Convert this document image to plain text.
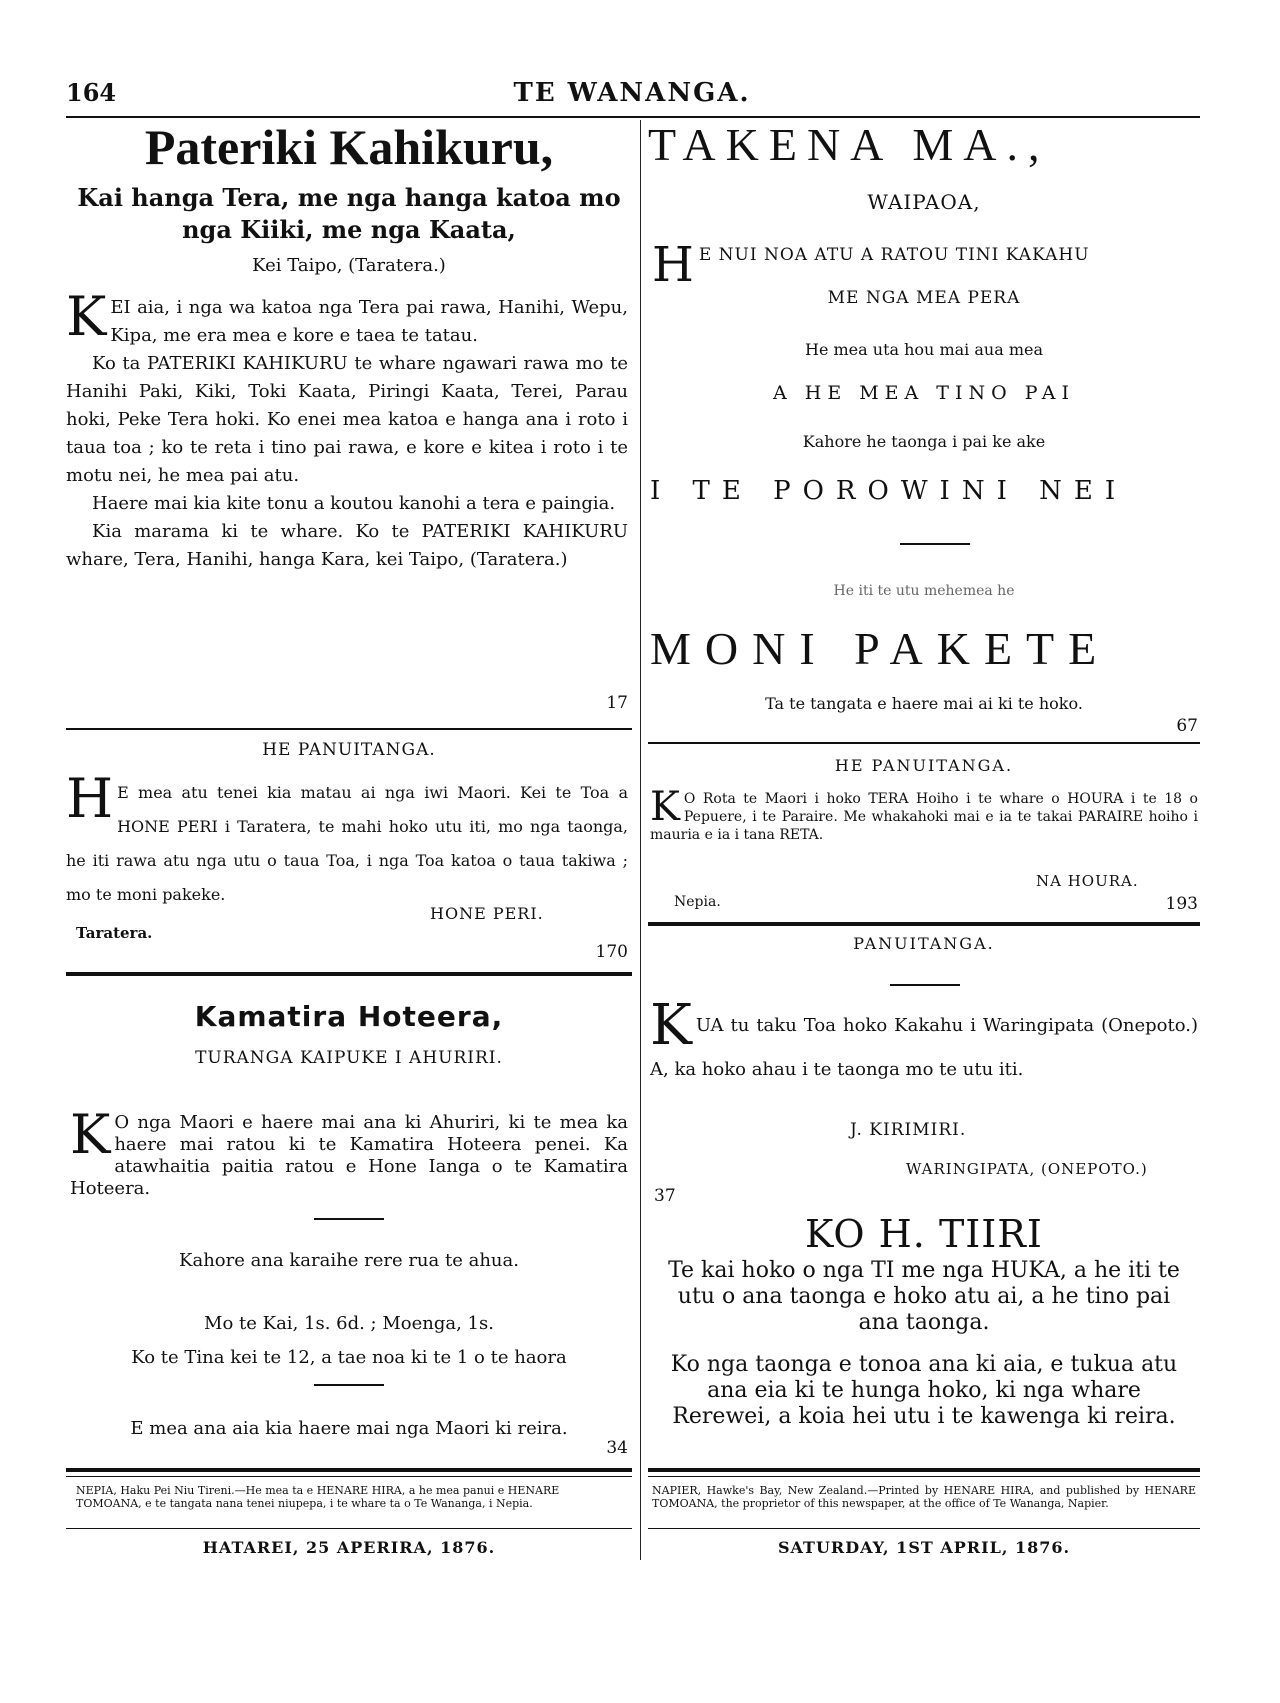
164	TE WANANGA.
Pateriki Kahikuru,
Kai hanga Tera, me nga hanga katoa mo
nga Kiiki, me nga Kaata,
Kei Taipo, (Taratera.)

KEI aia, i nga wa katoa nga Tera pai rawa, Hanihi, Wepu, Kipa, me era mea e kore e taea te tatau.

Ko ta PATERIKI KAHIKURU te whare ngawari rawa mo te Hanihi Paki, Kiki, Toki Kaata, Piringi Kaata, Terei, Parau hoki, Peke Tera hoki. Ko enei mea katoa e hanga ana i roto i taua toa ; ko te reta i tino pai rawa, e kore e kitea i roto i te motu nei, he mea pai atu.

Haere mai kia kite tonu a koutou kanohi a tera e paingia.

Kia marama ki te whare. Ko te PATERIKI KAHIKURU whare, Tera, Hanihi, hanga Kara, kei Taipo, (Taratera.)

17
HE PANUITANGA.
H E mea atu tenei kia matau ai nga iwi Maori. Kei te Toa a HONE PERI i Taratera, te mahi hoko utu iti, mo nga taonga, he iti rawa atu nga utu o taua Toa, i nga Toa katoa o taua takiwa ; mo te moni pakeke.
HONE PERI.
Taratera.
170
Kamatira Hoteera,
TURANGA KAIPUKE I AHURIRI.
K O nga Maori e haere mai ana ki Ahuriri, ki te mea ka haere mai ratou ki te Kamatira Hoteera penei. Ka atawhaitia paitia ratou e Hone Ianga o te Kamatira Hoteera.
Kahore ana karaihe rere rua te ahua.
Mo te Kai, 1s. 6d. ; Moenga, 1s.
Ko te Tina kei te 12, a tae noa ki te 1 o te haora
E mea ana aia kia haere mai nga Maori ki reira.
34
NEPIA, Haku Pei Niu Tireni.—He mea ta e HENARE HIRA, a he mea panui e HENARE TOMOANA, e te tangata nana tenei niupepa, i te whare ta o Te Wananga, i Nepia.
HATAREI, 25 APERIRA, 1876.
TAKENA MA.,
WAIPAOA,
H E NUI NOA ATU A RATOU TINI KAKAHU
ME NGA MEA PERA
He mea uta hou mai aua mea
A HE MEA TINO PAI
Kahore he taonga i pai ke ake
I TE POROWINI NEI
He iti te utu mehemea he
MONI PAKETE
Ta te tangata e haere mai ai ki te hoko.
67
HE PANUITANGA.
K O Rota te Maori i hoko TERA Hoiho i te whare o HOURA i te 18 o Pepuere, i te Paraire. Me whakahoki mai e ia te takai PARAIRE hoiho i mauria e ia i tana RETA.
NA HOURA.
Nepia.	193
PANUITANGA.
KUA tu taku Toa hoko Kakahu i Waringipata (Onepoto.) A, ka hoko ahau i te taonga mo te utu iti.
J. KIRIMIRI.
WARINGIPATA, (ONEPOTO.)
37
KO H. TIIRI
Te kai hoko o nga TI me nga HUKA, a he iti te utu o ana taonga e hoko atu ai, a he tino pai ana taonga.
Ko nga taonga e tonoa ana ki aia, e tukua atu ana eia ki te hunga hoko, ki nga whare Rerewei, a koia hei utu i te kawenga ki reira.
NAPIER, Hawke's Bay, New Zealand.—Printed by HENARE HIRA, and published by HENARE TOMOANA, the proprietor of this newspaper, at the office of Te Wananga, Napier.
SATURDAY, 1ST APRIL, 1876.
